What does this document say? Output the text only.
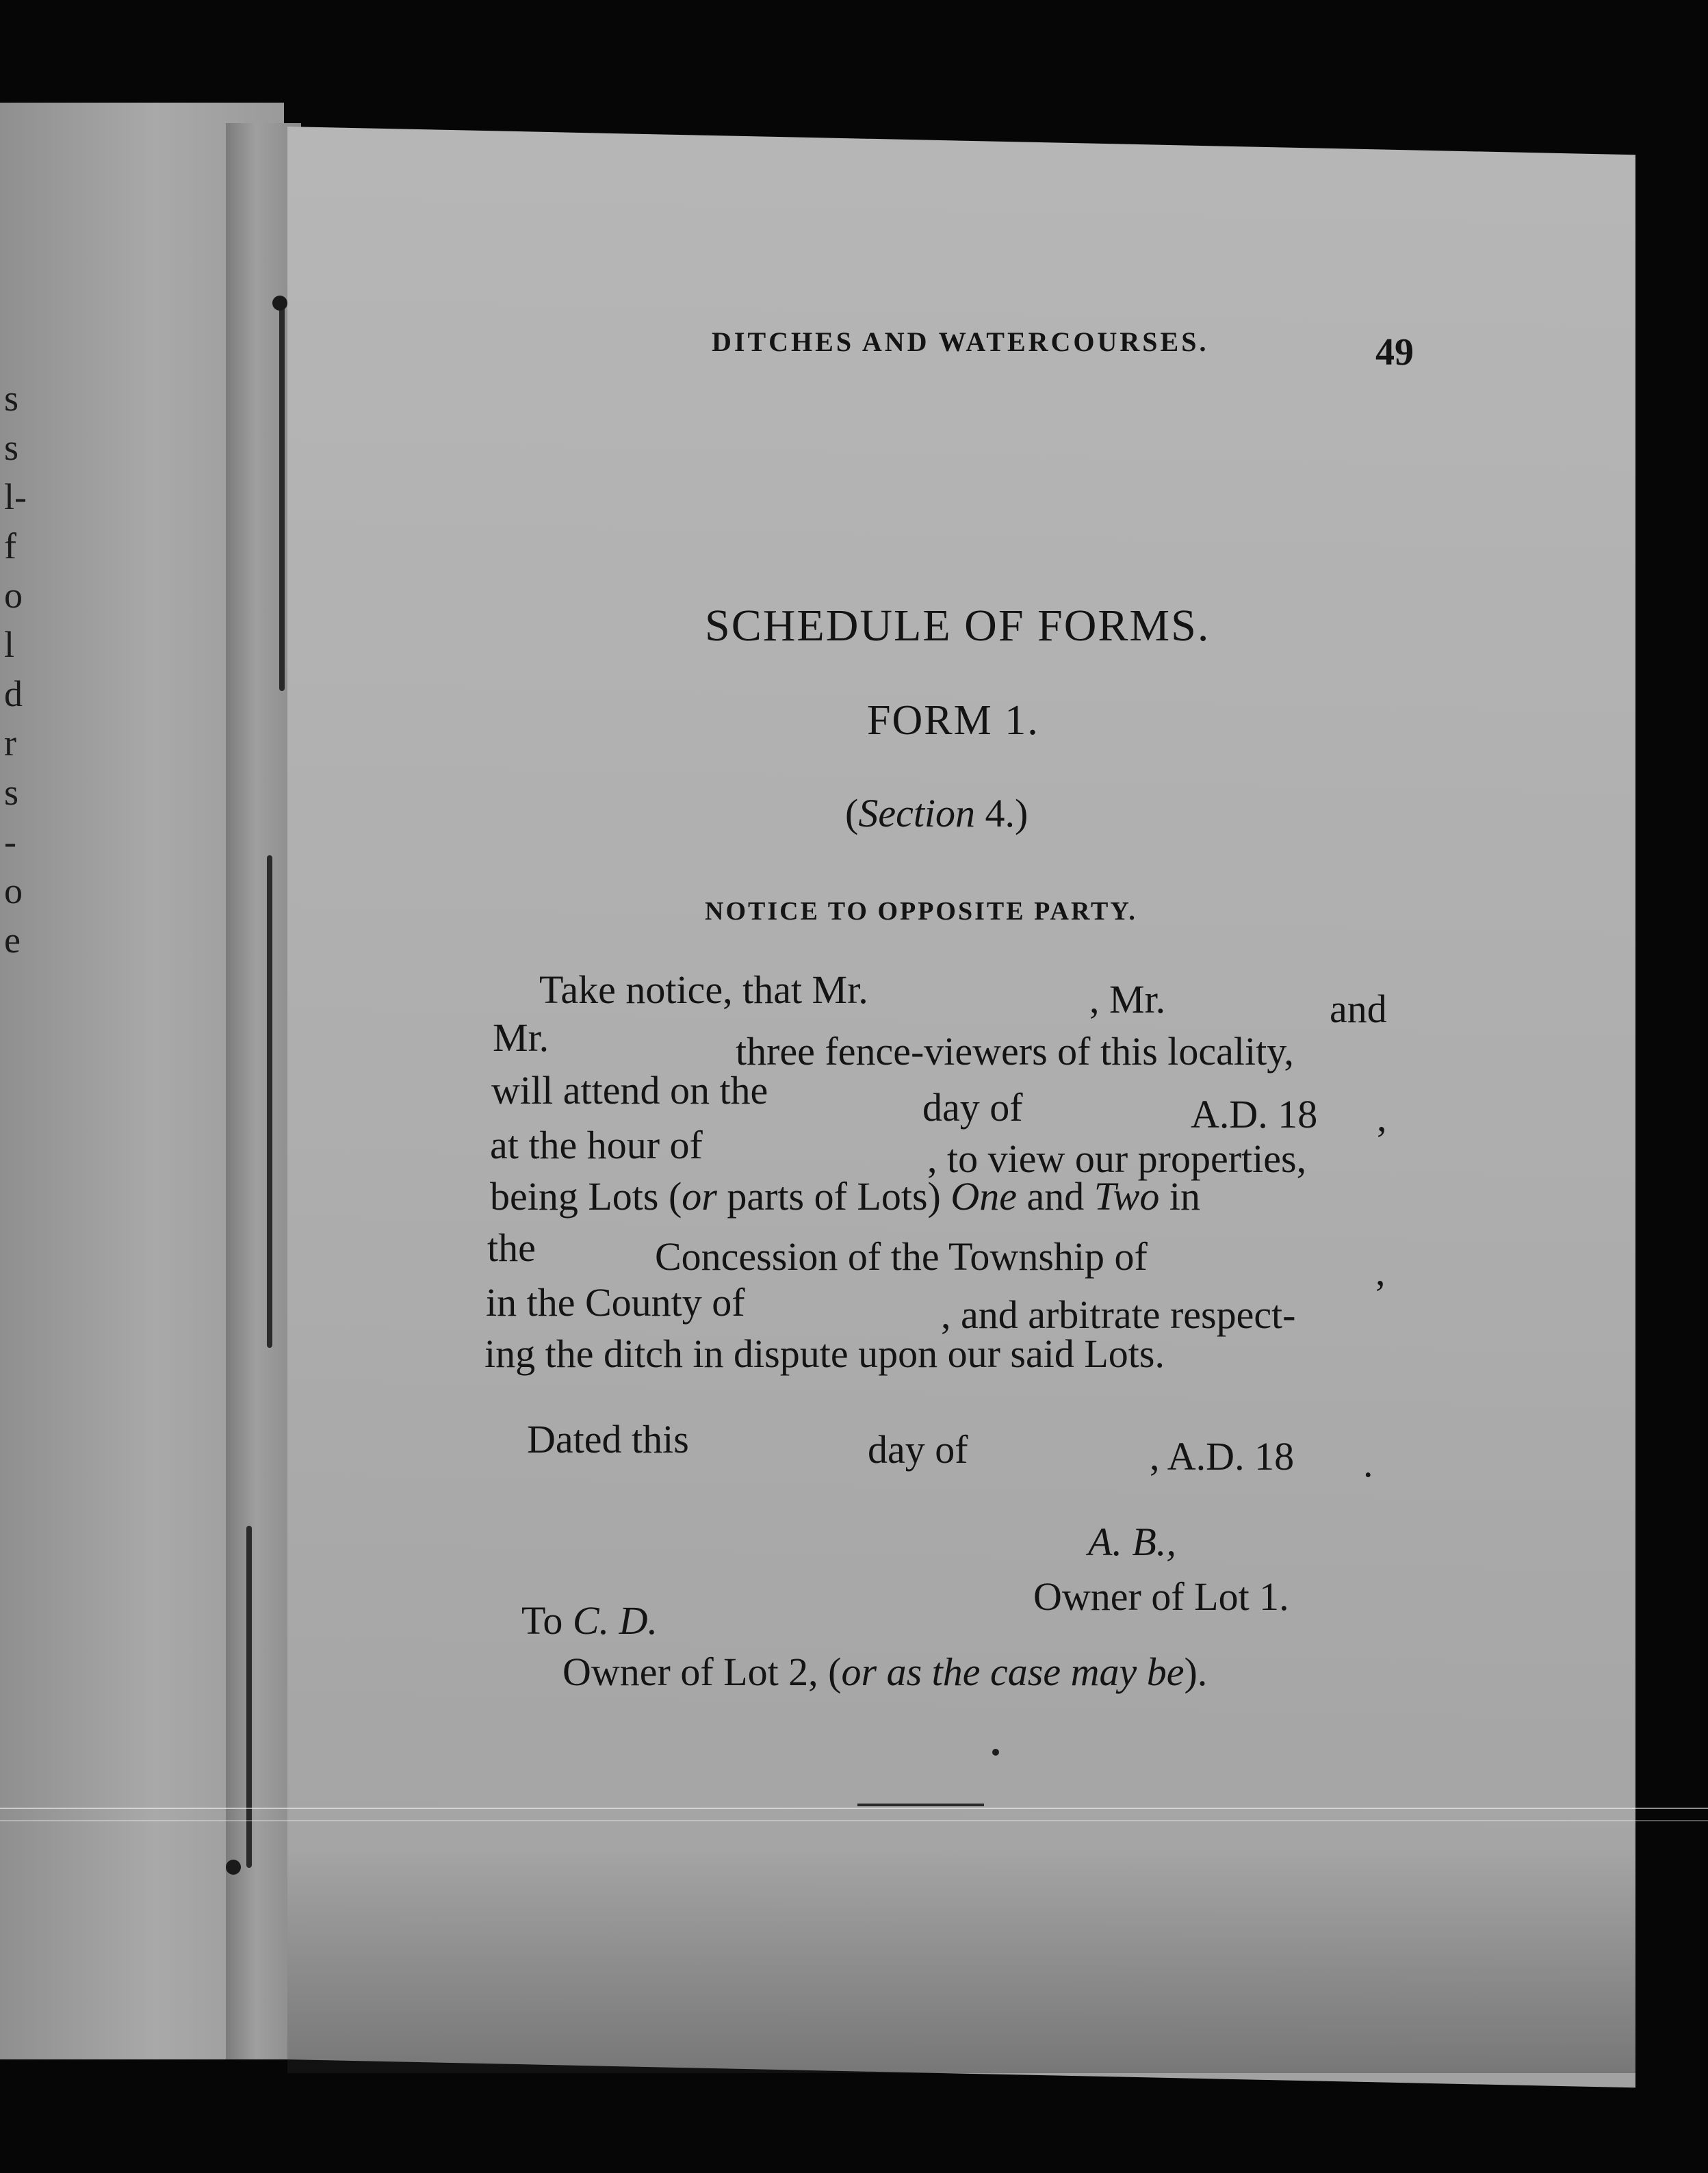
s
s
l-
f
o
l
d
r
s
-
o
e
DITCHES AND WATERCOURSES.	49
SCHEDULE OF FORMS.
FORM 1.
(Section 4.)
NOTICE TO OPPOSITE PARTY.
Take notice, that Mr.	, Mr.	and
Mr.	three fence-viewers of this locality,
will attend on the	day of	A.D. 18 ,
at the hour of	, to view our properties,
being Lots (or parts of Lots) One and Two in
the	Concession of the Township of	,
in the County of	, and arbitrate respect-
ing the ditch in dispute upon our said Lots.
Dated this	day of	, A.D. 18 .
A. B.,
Owner of Lot 1.
To C. D.
Owner of Lot 2, (or as the case may be).
